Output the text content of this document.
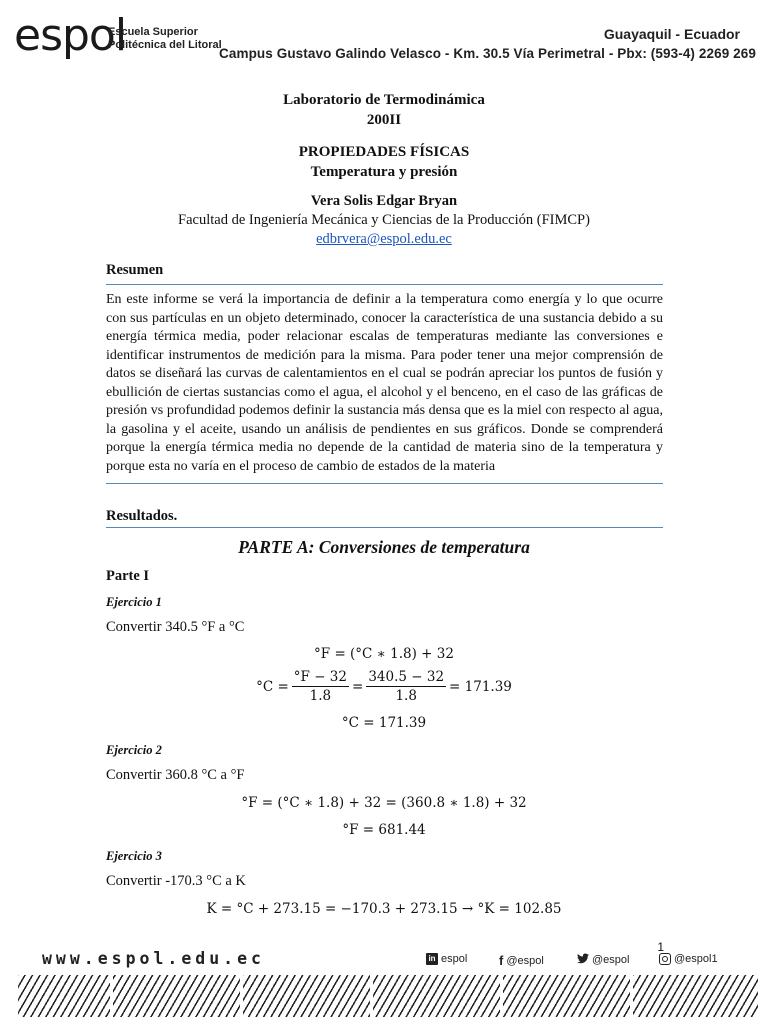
espol
Escuela Superior
Politécnica del Litoral
Guayaquil - Ecuador
Campus Gustavo Galindo Velasco - Km. 30.5 Vía Perimetral - Pbx: (593-4) 2269 269
Laboratorio de Termodinámica
200II
PROPIEDADES FÍSICAS
Temperatura y presión
Vera Solis Edgar Bryan
Facultad de Ingeniería Mecánica y Ciencias de la Producción (FIMCP)
edbrvera@espol.edu.ec
Resumen
En este informe se verá la importancia de definir a la temperatura como energía y lo que ocurre con sus partículas en un objeto determinado, conocer la característica de una sustancia debido a su energía térmica media, poder relacionar escalas de temperaturas mediante las conversiones e identificar instrumentos de medición para la misma. Para poder tener una mejor comprensión de datos se diseñará las curvas de calentamientos en el cual se podrán apreciar los puntos de fusión y ebullición de ciertas sustancias como el agua, el alcohol y el benceno, en el caso de las gráficas de presión vs profundidad podemos definir la sustancia más densa que es la miel con respecto al agua, la gasolina y el aceite, usando un análisis de pendientes en sus gráficos. Donde se comprenderá porque la energía térmica media no depende de la cantidad de materia sino de la temperatura y porque esta no varía en el proceso de cambio de estados de la materia
Resultados.
PARTE A: Conversiones de temperatura
Parte I
Ejercicio 1
Convertir 340.5 °F a °C
°F = (°C ∗ 1.8) + 32
$^\circ C = \frac{^\circ F - 32}{1.8} = \frac{340.5 - 32}{1.8} = 171.39$
°C = 171.39
Ejercicio 2
Convertir 360.8 °C a °F
°F = (°C ∗ 1.8) + 32 = (360.8 ∗ 1.8) + 32
°F = 681.44
Ejercicio 3
Convertir -170.3 °C a K
K = °C + 273.15 = −170.3 + 273.15 → °K = 102.85
1
www.espol.edu.ec	in espol f @espol	@espol	@espol1
